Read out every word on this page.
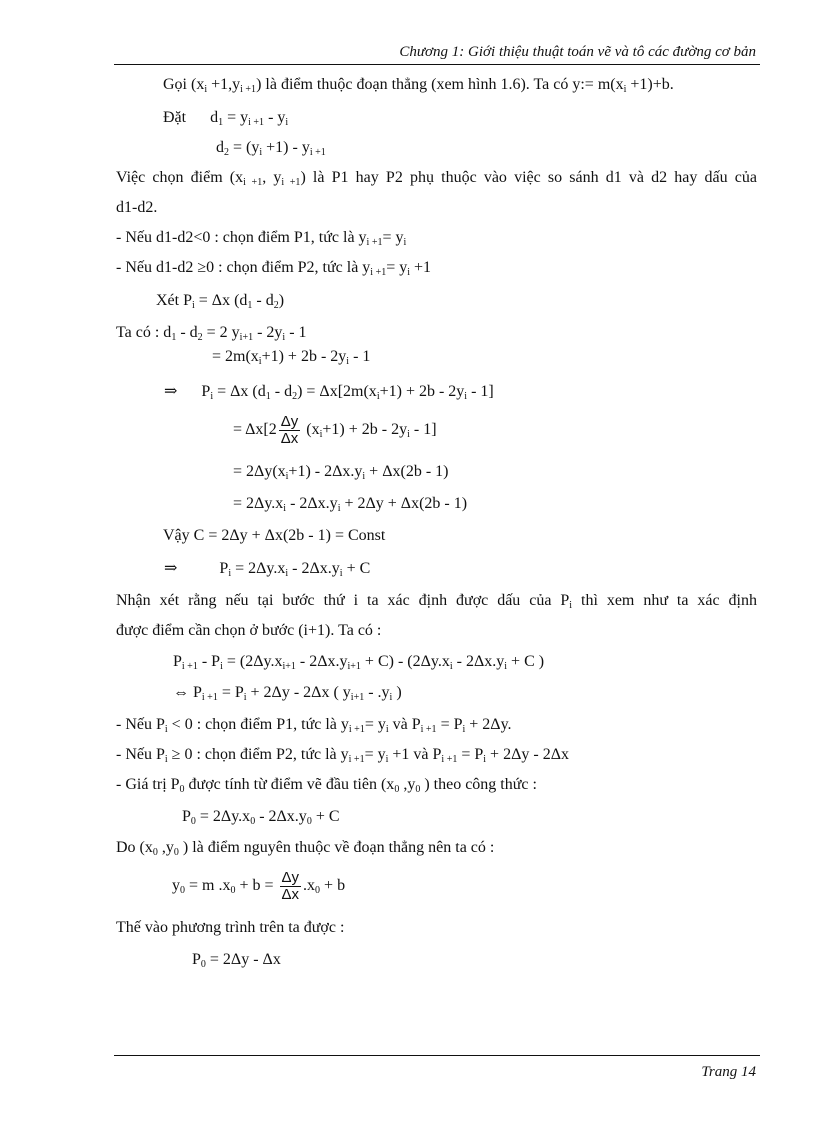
Chương 1: Giới thiệu thuật toán vẽ và tô các đường cơ bản
Gọi $(x_i +1,y_{i +1})$ là điểm thuộc đoạn thẳng (xem hình 1.6). Ta có y:= $m(x_i +1)+b$.
Đặt $d_1 = y_{i +1} - y_i$
$d_2 = (y_i +1) - y_{i +1}$
Việc chọn điểm ($x_{i +1}$, $y_{i +1}$) là P1 hay P2 phụ thuộc vào việc so sánh d1 và d2 hay dấu của
d1-d2.
- Nếu d1-d2<0 : chọn điểm P1, tức là $y_{i +1}= y_i$
- Nếu d1-d2 ≥0 : chọn điểm P2, tức là $y_{i +1}= y_i +1$
Xét $P_i = \Delta x$ $(d_1 - d_2)$
Ta có : $d_1 - d_2 = 2$ $y_{i+1} - 2y_i - 1$
= $2m(x_i+1) + 2b - 2y_i - 1$
⇒ $P_i = \Delta x$ $(d_1 - d_2) = \Delta x[2m(x_i+1) + 2b - 2y_i - 1]$
= $\Delta x[2 \frac{\Delta y}{\Delta x} (x_i+1) + 2b - 2y_i - 1]$
= $2\Delta y(x_i+1) - 2\Delta x.y_i + \Delta x(2b - 1)$
= $2\Delta y.x_i - 2\Delta x.y_i + 2\Delta y + \Delta x(2b - 1)$
Vậy C = 2Δy + Δx(2b - 1) = Const
⇒	$P_i = 2\Delta y.x_i - 2\Delta x.y_i + C$
Nhận xét rằng nếu tại bước thứ i ta xác định được dấu của $P_i$ thì xem như ta xác định
được điểm cần chọn ở bước (i+1). Ta có :
$P_{i +1} - P_i = (2\Delta y.x_{i+1} - 2\Delta x.y_{i+1} + C) - (2\Delta y.x_i - 2\Delta x.y_i + C$ )
⇔ $P_{i +1} = P_i + 2\Delta y - 2\Delta x$ ( $y_{i+1} - .y_i$ )
- Nếu $P_i < 0$ : chọn điểm P1, tức là $y_{i +1}= y_i$ và $P_{i +1} = P_i + 2\Delta y$.
- Nếu $P_i \ge 0$ : chọn điểm P2, tức là $y_{i +1}= y_i +1$ và $P_{i +1} = P_i + 2\Delta y - 2\Delta x$
- Giá trị $P_0$ được tính từ điểm vẽ đầu tiên ($x_0$ $,y_0$ ) theo công thức :
$P_0 = 2\Delta y.x_0 - 2\Delta x.y_0 + C$
Do ($x_0$ $,y_0$ ) là điểm nguyên thuộc về đoạn thẳng nên ta có :
$y_0 = m$ $.x_0 + b = \frac{\Delta y}{\Delta x} .x_0 + b$
Thế vào phương trình trên ta được :
$P_0 = 2\Delta y - \Delta x$
Trang 14
